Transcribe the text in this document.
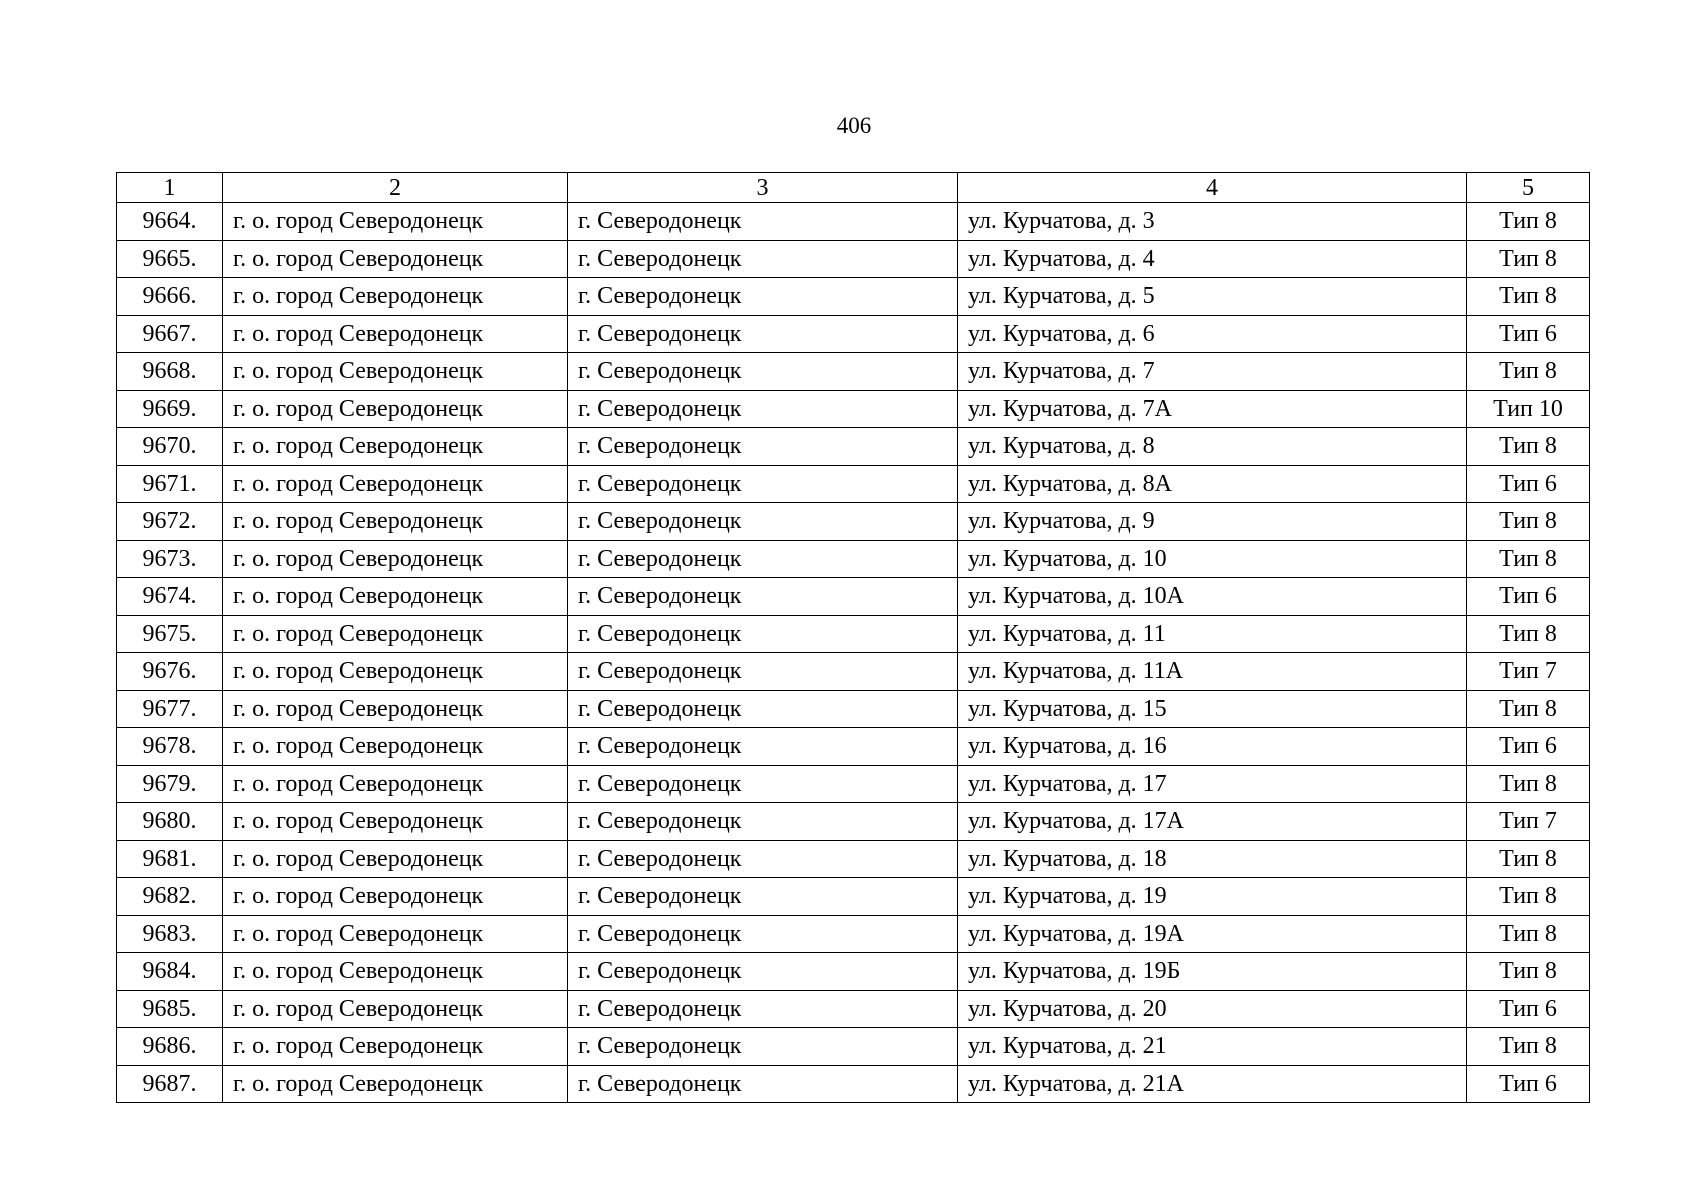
406
1	2	3	4	5
9664.	г. о. город Северодонецк	г. Северодонецк	ул. Курчатова, д. 3	Тип 8
9665.	г. о. город Северодонецк	г. Северодонецк	ул. Курчатова, д. 4	Тип 8
9666.	г. о. город Северодонецк	г. Северодонецк	ул. Курчатова, д. 5	Тип 8
9667.	г. о. город Северодонецк	г. Северодонецк	ул. Курчатова, д. 6	Тип 6
9668.	г. о. город Северодонецк	г. Северодонецк	ул. Курчатова, д. 7	Тип 8
9669.	г. о. город Северодонецк	г. Северодонецк	ул. Курчатова, д. 7А	Тип 10
9670.	г. о. город Северодонецк	г. Северодонецк	ул. Курчатова, д. 8	Тип 8
9671.	г. о. город Северодонецк	г. Северодонецк	ул. Курчатова, д. 8А	Тип 6
9672.	г. о. город Северодонецк	г. Северодонецк	ул. Курчатова, д. 9	Тип 8
9673.	г. о. город Северодонецк	г. Северодонецк	ул. Курчатова, д. 10	Тип 8
9674.	г. о. город Северодонецк	г. Северодонецк	ул. Курчатова, д. 10А	Тип 6
9675.	г. о. город Северодонецк	г. Северодонецк	ул. Курчатова, д. 11	Тип 8
9676.	г. о. город Северодонецк	г. Северодонецк	ул. Курчатова, д. 11А	Тип 7
9677.	г. о. город Северодонецк	г. Северодонецк	ул. Курчатова, д. 15	Тип 8
9678.	г. о. город Северодонецк	г. Северодонецк	ул. Курчатова, д. 16	Тип 6
9679.	г. о. город Северодонецк	г. Северодонецк	ул. Курчатова, д. 17	Тип 8
9680.	г. о. город Северодонецк	г. Северодонецк	ул. Курчатова, д. 17А	Тип 7
9681.	г. о. город Северодонецк	г. Северодонецк	ул. Курчатова, д. 18	Тип 8
9682.	г. о. город Северодонецк	г. Северодонецк	ул. Курчатова, д. 19	Тип 8
9683.	г. о. город Северодонецк	г. Северодонецк	ул. Курчатова, д. 19А	Тип 8
9684.	г. о. город Северодонецк	г. Северодонецк	ул. Курчатова, д. 19Б	Тип 8
9685.	г. о. город Северодонецк	г. Северодонецк	ул. Курчатова, д. 20	Тип 6
9686.	г. о. город Северодонецк	г. Северодонецк	ул. Курчатова, д. 21	Тип 8
9687.	г. о. город Северодонецк	г. Северодонецк	ул. Курчатова, д. 21А	Тип 6
